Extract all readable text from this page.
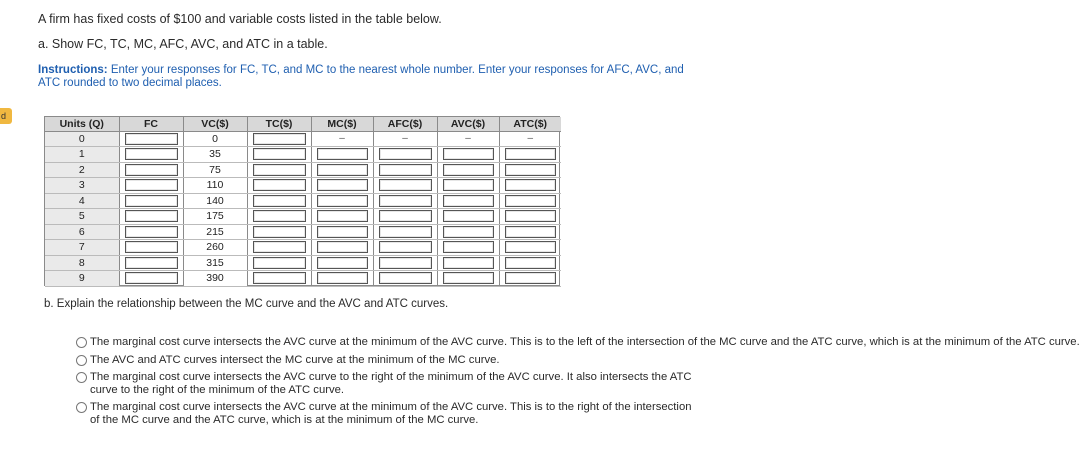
d
A firm has fixed costs of $100 and variable costs listed in the table below.
a. Show FC, TC, MC, AFC, AVC, and ATC in a table.
Instructions: Enter your responses for FC, TC, and MC to the nearest whole number. Enter your responses for AFC, AVC, and ATC rounded to two decimal places.
Units (Q)	FC	VC($)	TC($)	MC($)	AFC($)	AVC($)	ATC($)
0		0		–	–	–	–

1		35	

2		75	

3		110	

4		140	

5		175	

6		215	

7		260	

8		315	

9		390	

b. Explain the relationship between the MC curve and the AVC and ATC curves.
The marginal cost curve intersects the AVC curve at the minimum of the AVC curve. This is to the left of the intersection of the MC curve and the ATC curve, which is at the minimum of the ATC curve.
The AVC and ATC curves intersect the MC curve at the minimum of the MC curve.
The marginal cost curve intersects the AVC curve to the right of the minimum of the AVC curve. It also intersects the ATC curve to the right of the minimum of the ATC curve.
The marginal cost curve intersects the AVC curve at the minimum of the AVC curve. This is to the right of the intersection of the MC curve and the ATC curve, which is at the minimum of the MC curve.
